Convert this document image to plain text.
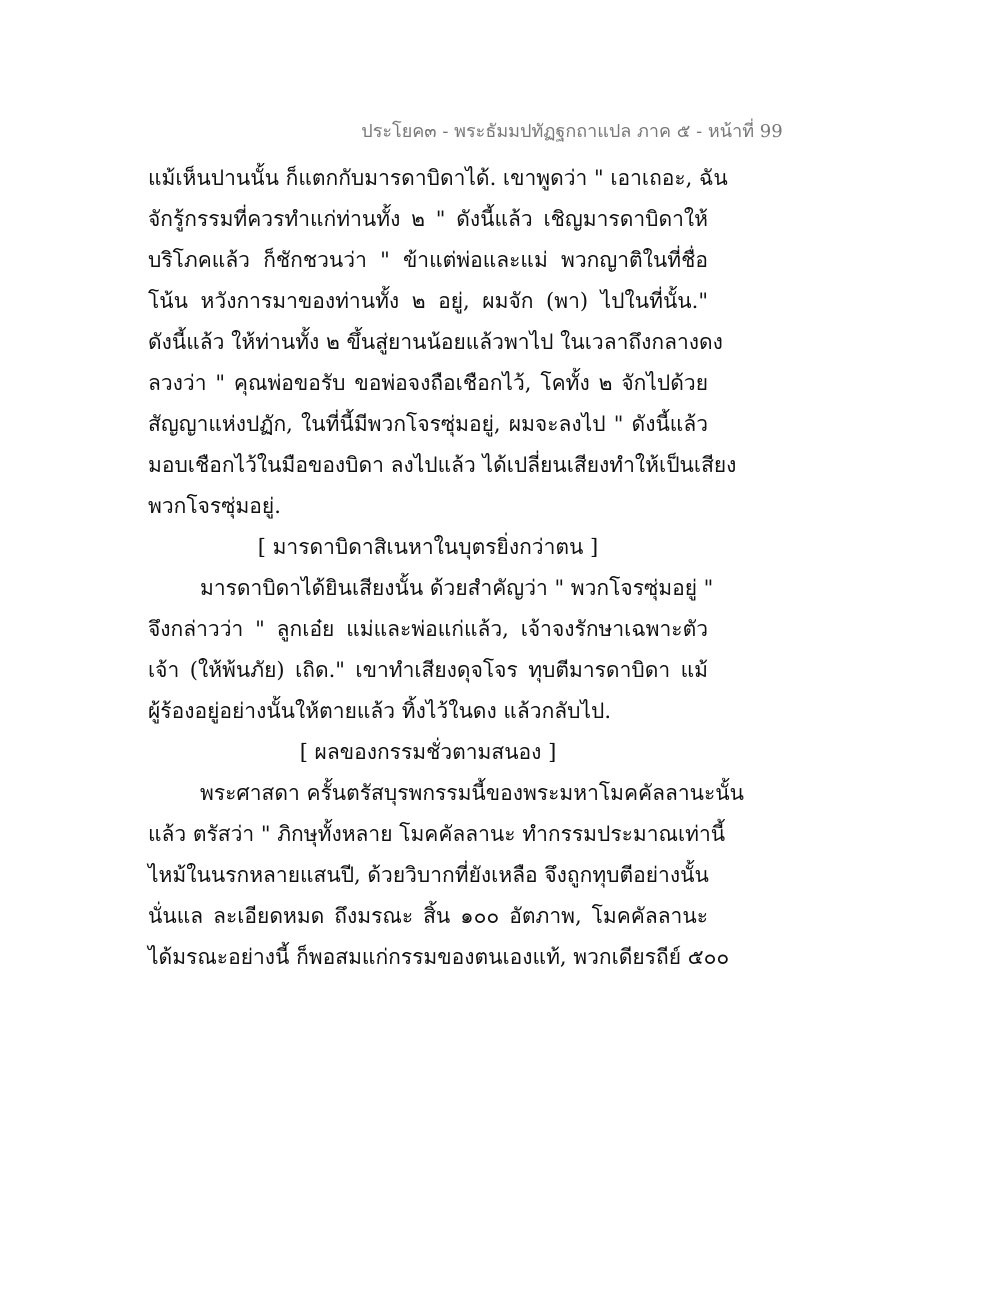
ประโยค๓ - พระธัมมปทัฏฐกถาแปล ภาค ๕ - หน้าที่ 99
แม้เห็นปานนั้น ก็แตกกับมารดาบิดาได้. เขาพูดว่า " เอาเถอะ, ฉัน
จักรู้กรรมที่ควรทำแก่ท่านทั้ง ๒ " ดังนี้แล้ว เชิญมารดาบิดาให้
บริโภคแล้ว ก็ชักชวนว่า " ข้าแต่พ่อและแม่ พวกญาติในที่ชื่อ
โน้น หวังการมาของท่านทั้ง ๒ อยู่, ผมจัก (พา) ไปในที่นั้น."
ดังนี้แล้ว ให้ท่านทั้ง ๒ ขึ้นสู่ยานน้อยแล้วพาไป ในเวลาถึงกลางดง
ลวงว่า " คุณพ่อขอรับ ขอพ่อจงถือเชือกไว้, โคทั้ง ๒ จักไปด้วย
สัญญาแห่งปฏัก, ในที่นี้มีพวกโจรซุ่มอยู่, ผมจะลงไป " ดังนี้แล้ว
มอบเชือกไว้ในมือของบิดา ลงไปแล้ว ได้เปลี่ยนเสียงทำให้เป็นเสียง
พวกโจรซุ่มอยู่.
[ มารดาบิดาสิเนหาในบุตรยิ่งกว่าตน ]
มารดาบิดาได้ยินเสียงนั้น ด้วยสำคัญว่า " พวกโจรซุ่มอยู่ "
จึงกล่าวว่า " ลูกเอ๋ย แม่และพ่อแก่แล้ว, เจ้าจงรักษาเฉพาะตัว
เจ้า (ให้พ้นภัย) เถิด." เขาทำเสียงดุจโจร ทุบตีมารดาบิดา แม้
ผู้ร้องอยู่อย่างนั้นให้ตายแล้ว ทิ้งไว้ในดง แล้วกลับไป.
[ ผลของกรรมชั่วตามสนอง ]
พระศาสดา ครั้นตรัสบุรพกรรมนี้ของพระมหาโมคคัลลานะนั้น
แล้ว ตรัสว่า " ภิกษุทั้งหลาย โมคคัลลานะ ทำกรรมประมาณเท่านี้
ไหม้ในนรกหลายแสนปี, ด้วยวิบากที่ยังเหลือ จึงถูกทุบตีอย่างนั้น
นั่นแล ละเอียดหมด ถึงมรณะ สิ้น ๑๐๐ อัตภาพ, โมคคัลลานะ
ได้มรณะอย่างนี้ ก็พอสมแก่กรรมของตนเองแท้, พวกเดียรถีย์ ๕๐๐
